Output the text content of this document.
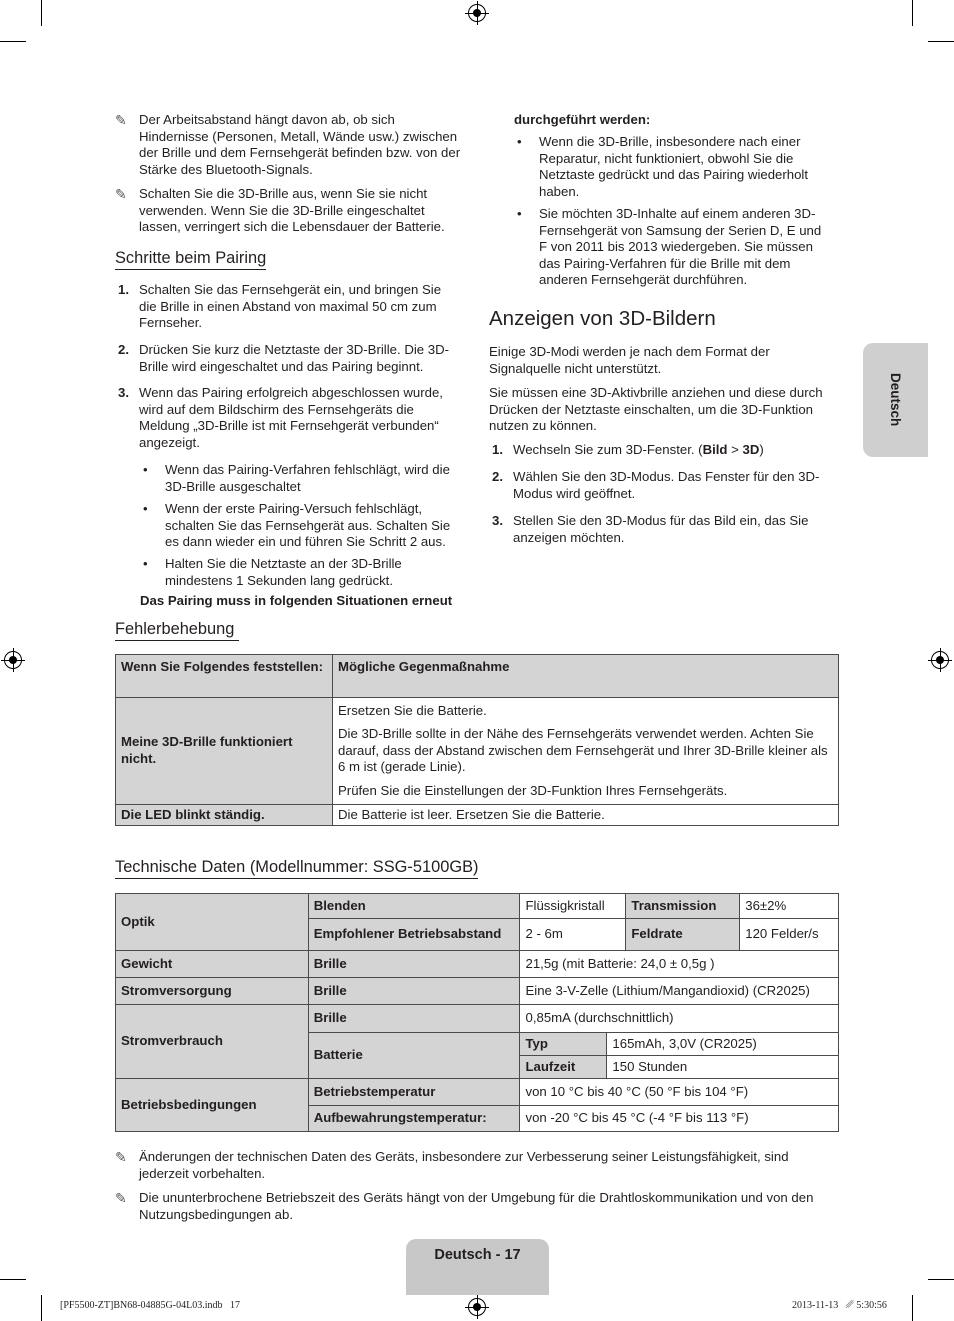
✎ Der Arbeitsabstand hängt davon ab, ob sich Hindernisse (Personen, Metall, Wände usw.) zwischen der Brille und dem Fernsehgerät befinden bzw. von der Stärke des Bluetooth-Signals.
✎ Schalten Sie die 3D-Brille aus, wenn Sie sie nicht verwenden. Wenn Sie die 3D-Brille eingeschaltet lassen, verringert sich die Lebensdauer der Batterie.
Schritte beim Pairing
1. Schalten Sie das Fernsehgerät ein, und bringen Sie die Brille in einen Abstand von maximal 50 cm zum Fernseher.
2. Drücken Sie kurz die Netztaste der 3D-Brille. Die 3D-Brille wird eingeschaltet und das Pairing beginnt.
3. Wenn das Pairing erfolgreich abgeschlossen wurde, wird auf dem Bildschirm des Fernsehgeräts die Meldung „3D-Brille ist mit Fernsehgerät verbunden“ angezeigt.
• Wenn das Pairing-Verfahren fehlschlägt, wird die 3D-Brille ausgeschaltet
• Wenn der erste Pairing-Versuch fehlschlägt, schalten Sie das Fernsehgerät aus. Schalten Sie es dann wieder ein und führen Sie Schritt 2 aus.
• Halten Sie die Netztaste an der 3D-Brille mindestens 1 Sekunden lang gedrückt.
Das Pairing muss in folgenden Situationen erneut
durchgeführt werden:
• Wenn die 3D-Brille, insbesondere nach einer Reparatur, nicht funktioniert, obwohl Sie die Netztaste gedrückt und das Pairing wiederholt haben.
• Sie möchten 3D-Inhalte auf einem anderen 3D-Fernsehgerät von Samsung der Serien D, E und F von 2011 bis 2013 wiedergeben. Sie müssen das Pairing-Verfahren für die Brille mit dem anderen Fernsehgerät durchführen.
Anzeigen von 3D-Bildern
Einige 3D-Modi werden je nach dem Format der Signalquelle nicht unterstützt.
Sie müssen eine 3D-Aktivbrille anziehen und diese durch Drücken der Netztaste einschalten, um die 3D-Funktion nutzen zu können.
1. Wechseln Sie zum 3D-Fenster. (Bild > 3D)
2. Wählen Sie den 3D-Modus. Das Fenster für den 3D-Modus wird geöffnet.
3. Stellen Sie den 3D-Modus für das Bild ein, das Sie anzeigen möchten.
Deutsch
Fehlerbehebung
Wenn Sie Folgendes feststellen:	Mögliche Gegenmaßnahme
Meine 3D-Brille funktioniert nicht.	Ersetzen Sie die Batterie.
Die 3D-Brille sollte in der Nähe des Fernsehgeräts verwendet werden. Achten Sie darauf, dass der Abstand zwischen dem Fernsehgerät und Ihrer 3D-Brille kleiner als 6 m ist (gerade Linie).
Prüfen Sie die Einstellungen der 3D-Funktion Ihres Fernsehgeräts.

Die LED blinkt ständig.	Die Batterie ist leer. Ersetzen Sie die Batterie.
Technische Daten (Modellnummer: SSG-5100GB)
Optik	Blenden	Flüssigkristall		Transmission	36±2%
	Empfohlener Betriebsabstand	2 - 6m		Feldrate	120 Felder/s
Gewicht	Brille	21,5g (mit Batterie: 24,0 ± 0,5g )			
Stromversorgung	Brille	Eine 3-V-Zelle (Lithium/Mangandioxid) (CR2025)			
Stromverbrauch	Brille	0,85mA (durchschnittlich)			
	Batterie	Typ	165mAh, 3,0V (CR2025)		
		Laufzeit	150 Stunden		
Betriebsbedingungen	Betriebstemperatur	von 10 °C bis 40 °C (50 °F bis 104 °F)			
	Aufbewahrungstemperatur:	von -20 °C bis 45 °C (-4 °F bis 113 °F)			
✎ Änderungen der technischen Daten des Geräts, insbesondere zur Verbesserung seiner Leistungsfähigkeit, sind jederzeit vorbehalten.
✎ Die ununterbrochene Betriebszeit des Geräts hängt von der Umgebung für die Drahtloskommunikation und von den Nutzungsbedingungen ab.
Deutsch - 17
[PF5500-ZT]BN68-04885G-04L03.indb   17	2013-11-13   ␥ 5:30:56
